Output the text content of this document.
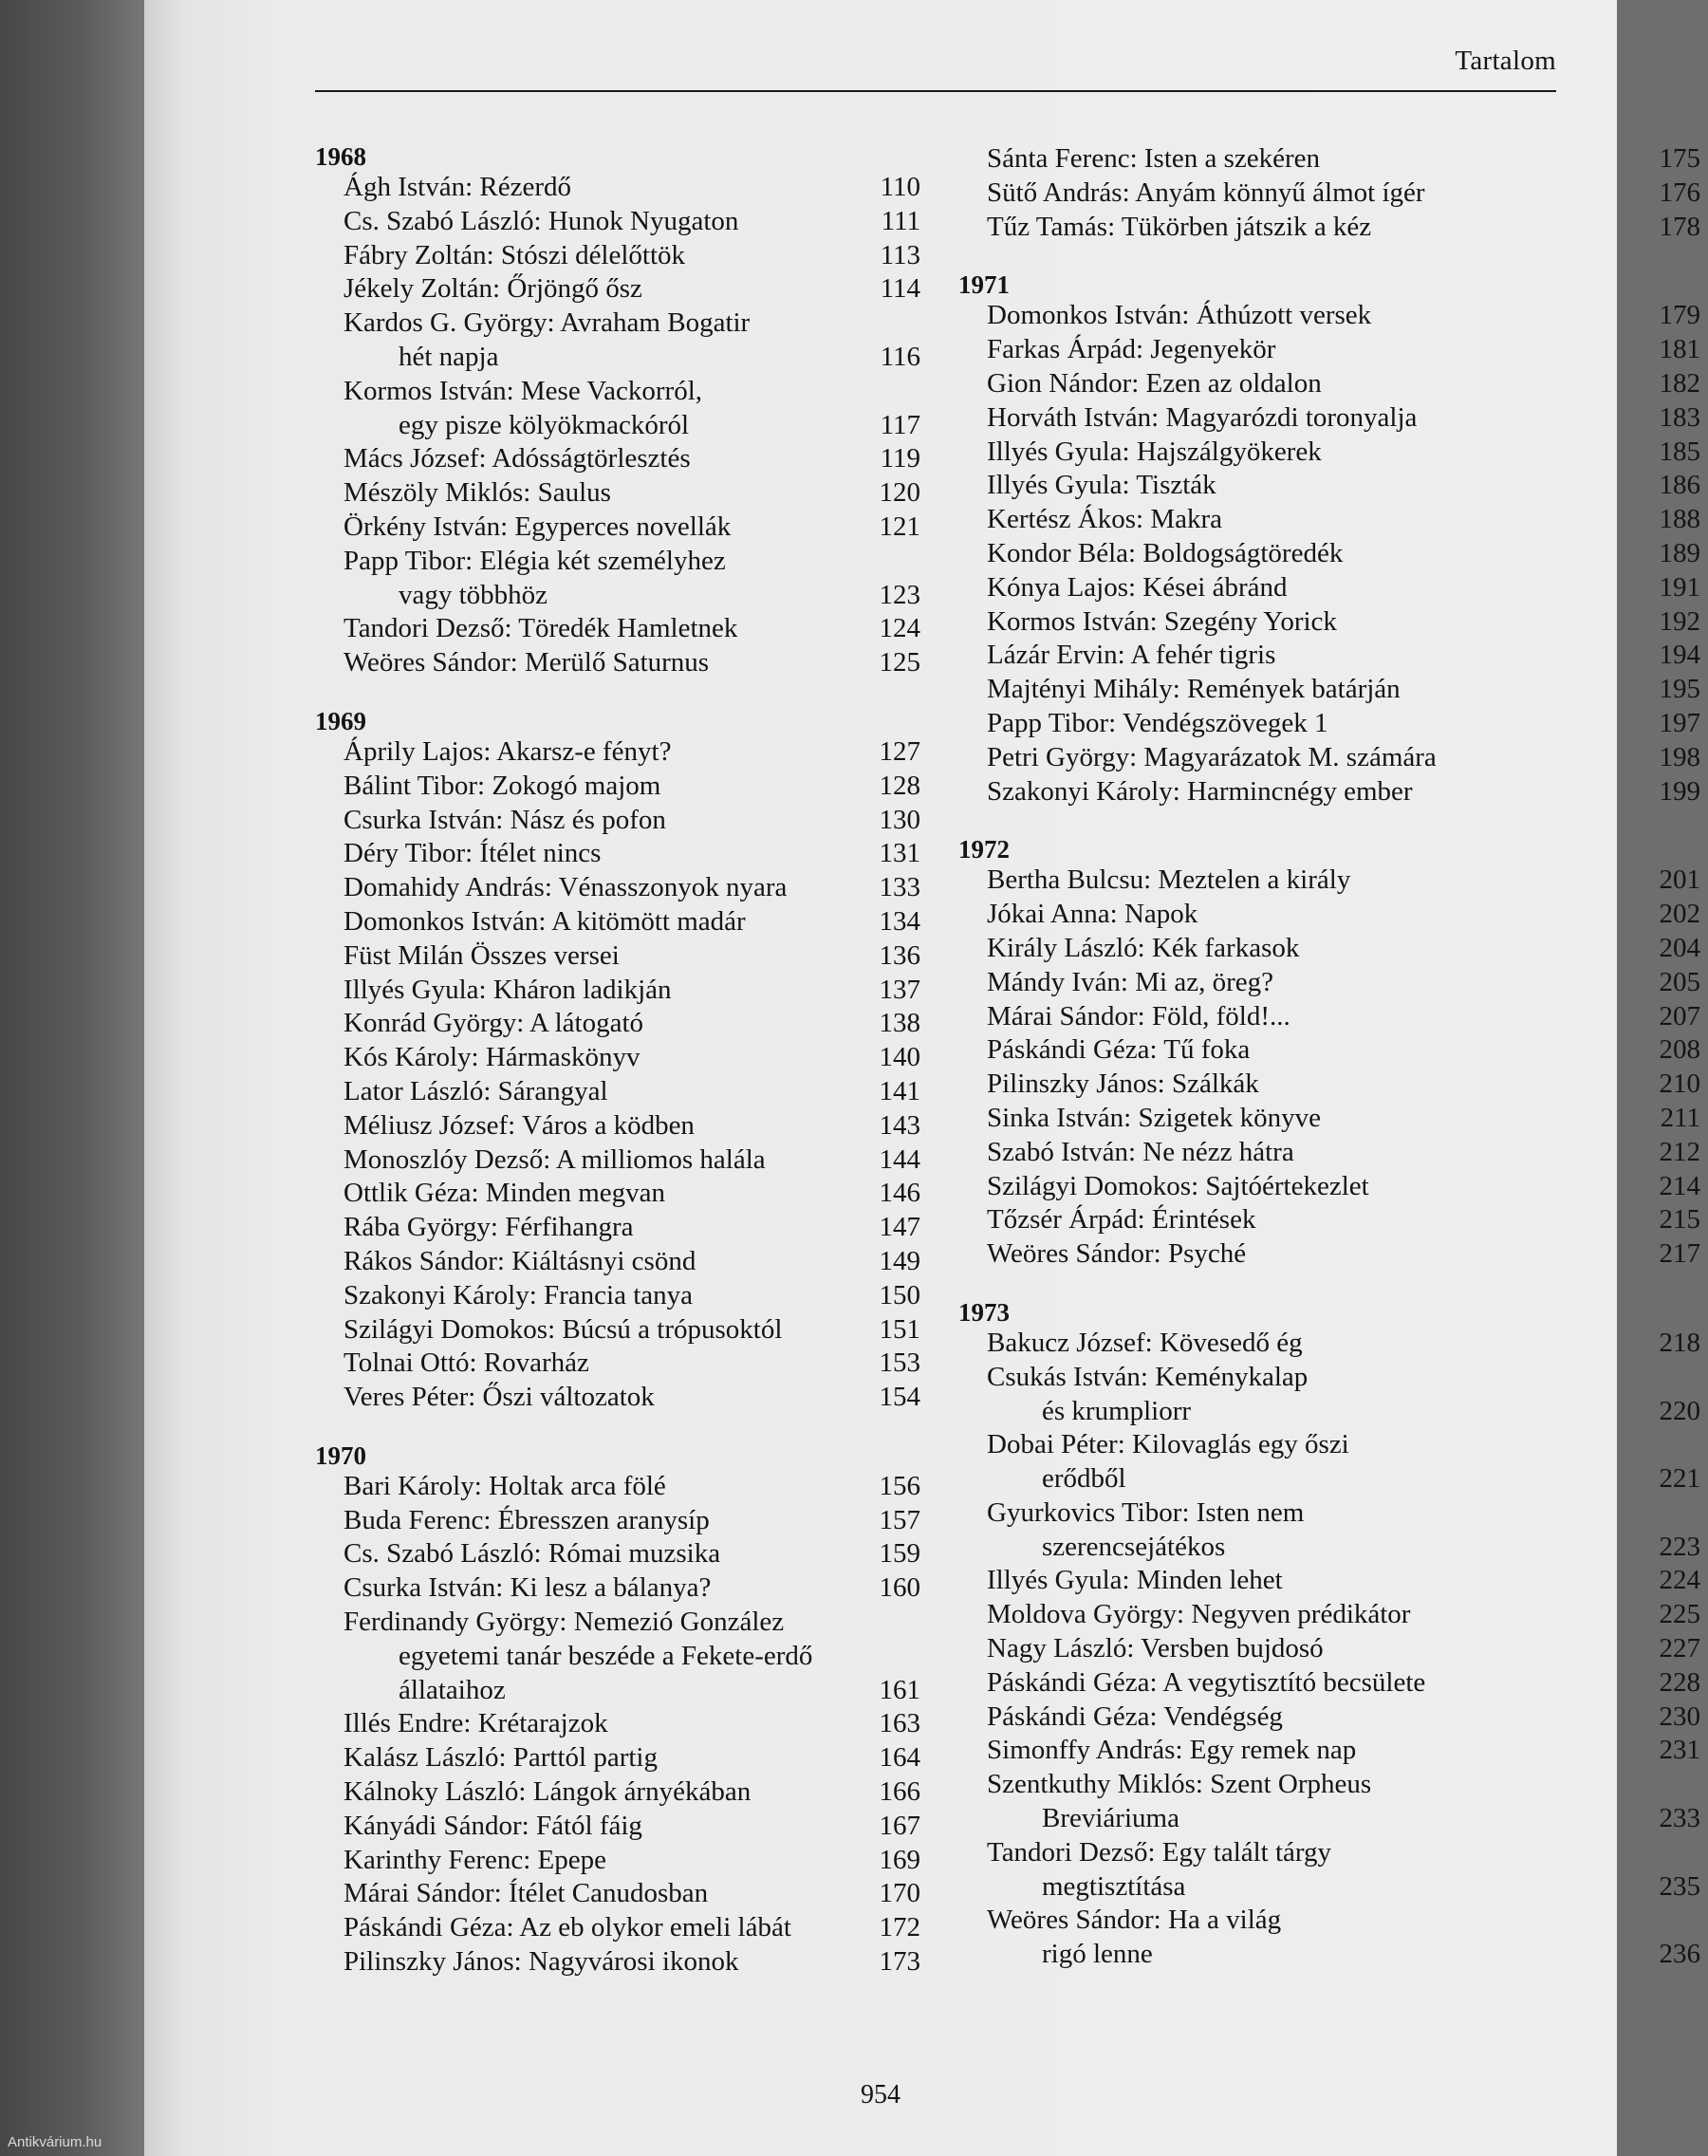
Tartalom
1968
Ágh István: Rézerdő	110
Cs. Szabó László: Hunok Nyugaton	111
Fábry Zoltán: Stószi délelőttök	113
Jékely Zoltán: Őrjöngő ősz	114
Kardos G. György: Avraham Bogatir
hét napja	116
Kormos István: Mese Vackorról,
egy pisze kölyökmackóról	117
Mács József: Adósságtörlesztés	119
Mészöly Miklós: Saulus	120
Örkény István: Egyperces novellák	121
Papp Tibor: Elégia két személyhez
vagy többhöz	123
Tandori Dezső: Töredék Hamletnek	124
Weöres Sándor: Merülő Saturnus	125
1969
Áprily Lajos: Akarsz-e fényt?	127
Bálint Tibor: Zokogó majom	128
Csurka István: Nász és pofon	130
Déry Tibor: Ítélet nincs	131
Domahidy András: Vénasszonyok nyara	133
Domonkos István: A kitömött madár	134
Füst Milán Összes versei	136
Illyés Gyula: Kháron ladikján	137
Konrád György: A látogató	138
Kós Károly: Hármaskönyv	140
Lator László: Sárangyal	141
Méliusz József: Város a ködben	143
Monoszlóy Dezső: A milliomos halála	144
Ottlik Géza: Minden megvan	146
Rába György: Férfihangra	147
Rákos Sándor: Kiáltásnyi csönd	149
Szakonyi Károly: Francia tanya	150
Szilágyi Domokos: Búcsú a trópusoktól	151
Tolnai Ottó: Rovarház	153
Veres Péter: Őszi változatok	154
1970
Bari Károly: Holtak arca fölé	156
Buda Ferenc: Ébresszen aranysíp	157
Cs. Szabó László: Római muzsika	159
Csurka István: Ki lesz a bálanya?	160
Ferdinandy György: Nemezió González
egyetemi tanár beszéde a Fekete-erdő
állataihoz	161
Illés Endre: Krétarajzok	163
Kalász László: Parttól partig	164
Kálnoky László: Lángok árnyékában	166
Kányádi Sándor: Fától fáig	167
Karinthy Ferenc: Epepe	169
Márai Sándor: Ítélet Canudosban	170
Páskándi Géza: Az eb olykor emeli lábát	172
Pilinszky János: Nagyvárosi ikonok	173
Sánta Ferenc: Isten a szekéren	175
Sütő András: Anyám könnyű álmot ígér	176
Tűz Tamás: Tükörben játszik a kéz	178
1971
Domonkos István: Áthúzott versek	179
Farkas Árpád: Jegenyekör	181
Gion Nándor: Ezen az oldalon	182
Horváth István: Magyarózdi toronyalja	183
Illyés Gyula: Hajszálgyökerek	185
Illyés Gyula: Tiszták	186
Kertész Ákos: Makra	188
Kondor Béla: Boldogságtöredék	189
Kónya Lajos: Kései ábránd	191
Kormos István: Szegény Yorick	192
Lázár Ervin: A fehér tigris	194
Majtényi Mihály: Remények batárján	195
Papp Tibor: Vendégszövegek 1	197
Petri György: Magyarázatok M. számára	198
Szakonyi Károly: Harmincnégy ember	199
1972
Bertha Bulcsu: Meztelen a király	201
Jókai Anna: Napok	202
Király László: Kék farkasok	204
Mándy Iván: Mi az, öreg?	205
Márai Sándor: Föld, föld!...	207
Páskándi Géza: Tű foka	208
Pilinszky János: Szálkák	210
Sinka István: Szigetek könyve	211
Szabó István: Ne nézz hátra	212
Szilágyi Domokos: Sajtóértekezlet	214
Tőzsér Árpád: Érintések	215
Weöres Sándor: Psyché	217
1973
Bakucz József: Kövesedő ég	218
Csukás István: Keménykalap
és krumpliorr	220
Dobai Péter: Kilovaglás egy őszi
erődből	221
Gyurkovics Tibor: Isten nem
szerencsejátékos	223
Illyés Gyula: Minden lehet	224
Moldova György: Negyven prédikátor	225
Nagy László: Versben bujdosó	227
Páskándi Géza: A vegytisztító becsülete	228
Páskándi Géza: Vendégség	230
Simonffy András: Egy remek nap	231
Szentkuthy Miklós: Szent Orpheus
Breviáriuma	233
Tandori Dezső: Egy talált tárgy
megtisztítása	235
Weöres Sándor: Ha a világ
rigó lenne	236
954
Antikvárium.hu
